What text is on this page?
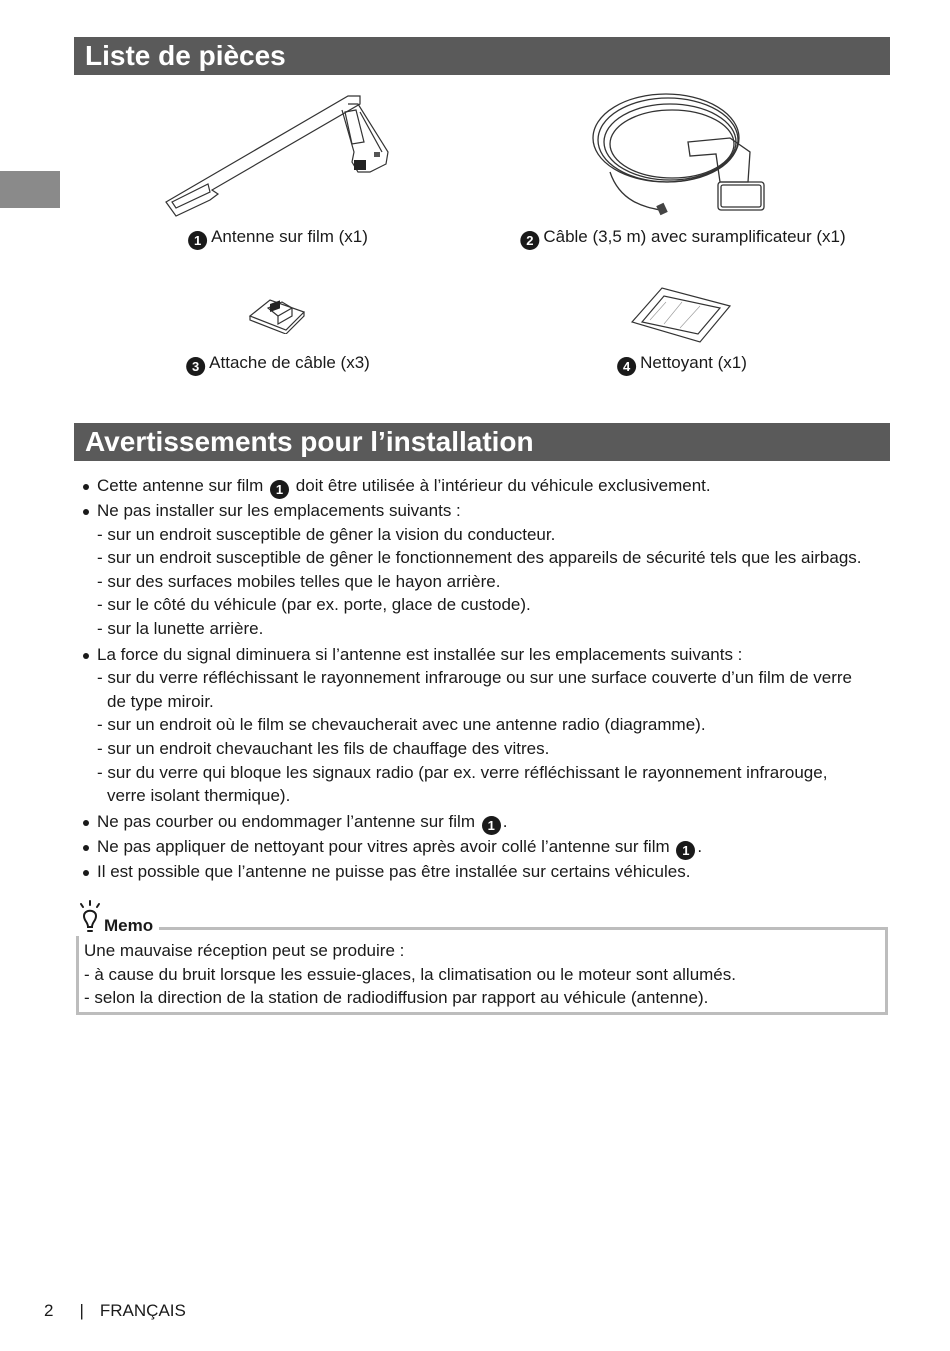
Liste de pièces
1 Antenne sur film (x1)	2 Câble (3,5 m) avec suramplificateur (x1)
3 Attache de câble (x3)	4 Nettoyant (x1)
Avertissements pour l’installation
Cette antenne sur film 1 doit être utilisée à l’intérieur du véhicule exclusivement.
Ne pas installer sur les emplacements suivants :
- sur un endroit susceptible de gêner la vision du conducteur.
- sur un endroit susceptible de gêner le fonctionnement des appareils de sécurité tels que les airbags.
- sur des surfaces mobiles telles que le hayon arrière.
- sur le côté du véhicule (par ex. porte, glace de custode).
- sur la lunette arrière.
La force du signal diminuera si l’antenne est installée sur les emplacements suivants :
- sur du verre réfléchissant le rayonnement infrarouge ou sur une surface couverte d’un film de verre
de type miroir.
- sur un endroit où le film se chevaucherait avec une antenne radio (diagramme).
- sur un endroit chevauchant les fils de chauffage des vitres.
- sur du verre qui bloque les signaux radio (par ex. verre réfléchissant le rayonnement infrarouge,
verre isolant thermique).
Ne pas courber ou endommager l’antenne sur film 1 .
Ne pas appliquer de nettoyant pour vitres après avoir collé l’antenne sur film 1 .
Il est possible que l’antenne ne puisse pas être installée sur certains véhicules.
Memo
Une mauvaise réception peut se produire :
- à cause du bruit lorsque les essuie-glaces, la climatisation ou le moteur sont allumés.
- selon la direction de la station de radiodiffusion par rapport au véhicule (antenne).
2 | FRANÇAIS
